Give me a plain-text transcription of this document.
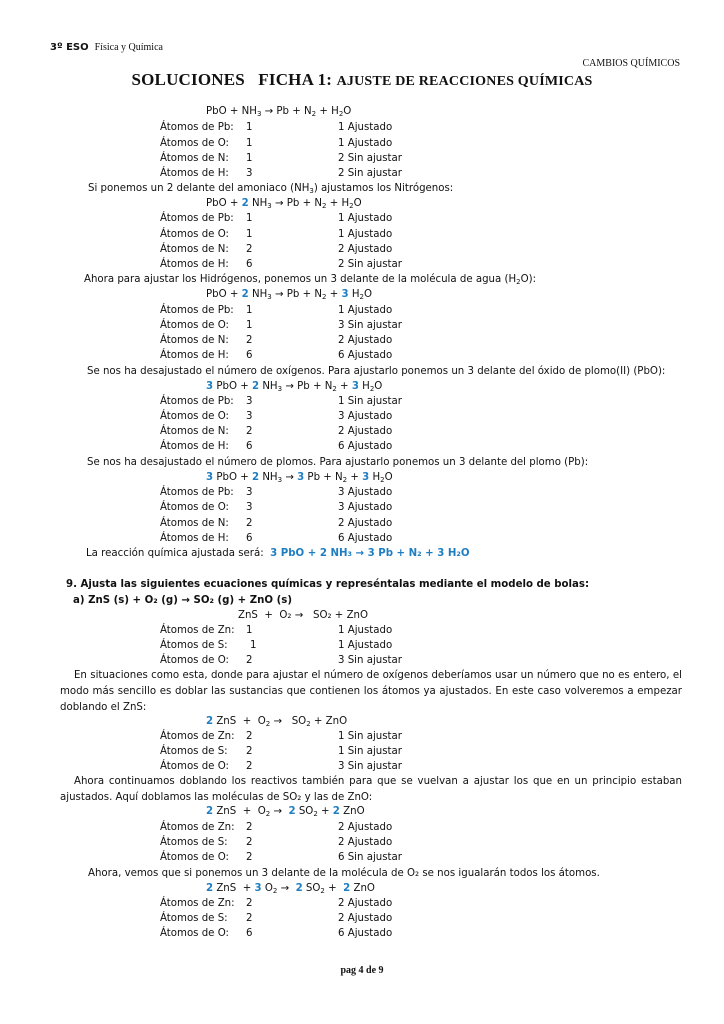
3º ESO Física y Química
CAMBIOS QUÍMICOS
SOLUCIONES   FICHA 1: AJUSTE DE REACCIONES QUÍMICAS
PbO + $NH_3 \to Pb + N_2 + H_2O$
Átomos de Pb: 1	1 Ajustado
Átomos de O: 1	1 Ajustado
Átomos de N: 1	2 Sin ajustar
Átomos de H: 3	2 Sin ajustar
Si ponemos un 2 delante del amoniaco $(NH_3)$ ajustamos los Nitrógenos:
PbO + 2 $NH_3 \to Pb + N_2 + H_2O$
Átomos de Pb: 1	1 Ajustado
Átomos de O: 1	1 Ajustado
Átomos de N: 2	2 Ajustado
Átomos de H: 6	2 Sin ajustar
Ahora para ajustar los Hidrógenos, ponemos un 3 delante de la molécula de agua $(H_2O)$:
PbO + 2 $NH_3 \to Pb + N_2 + 3$ $H_2O$
Átomos de Pb: 1	1 Ajustado
Átomos de O: 1	3 Sin ajustar
Átomos de N: 2	2 Ajustado
Átomos de H: 6	6 Ajustado
Se nos ha desajustado el número de oxígenos. Para ajustarlo ponemos un 3 delante del óxido de plomo(II) (PbO):
3 PbO + 2 $NH_3 \to Pb + N_2 + 3$ $H_2O$
Átomos de Pb: 3	1 Sin ajustar
Átomos de O: 3	3 Ajustado
Átomos de N: 2	2 Ajustado
Átomos de H: 6	6 Ajustado
Se nos ha desajustado el número de plomos. Para ajustarlo ponemos un 3 delante del plomo (Pb):
3 PbO + 2 $NH_3 \to 3$ $Pb + N_2 + 3$ $H_2O$
Átomos de Pb: 3	3 Ajustado
Átomos de O: 3	3 Ajustado
Átomos de N: 2	2 Ajustado
Átomos de H: 6	6 Ajustado
La reacción química ajustada será: 3 PbO + 2 NH₃ → 3 Pb + N₂ + 3 H₂O
9. Ajusta las siguientes ecuaciones químicas y represéntalas mediante el modelo de bolas:
a) ZnS (s) + O₂ (g) → SO₂ (g) + ZnO (s)
ZnS  +  O₂ →   SO₂ + ZnO
Átomos de Zn: 1	1 Ajustado
Átomos de S: 1	1 Ajustado
Átomos de O: 2	3 Sin ajustar
En situaciones como esta, donde para ajustar el número de oxígenos deberíamos usar un número que no es entero, el modo más sencillo es doblar las sustancias que contienen los átomos ya ajustados. En este caso volveremos a empezar doblando el ZnS:
2 ZnS  +  $O_2 \to SO_2$ + ZnO
Átomos de Zn: 2	1 Sin ajustar
Átomos de S: 2	1 Sin ajustar
Átomos de O: 2	3 Sin ajustar
Ahora continuamos doblando los reactivos también para que se vuelvan a ajustar los que en un principio estaban ajustados. Aquí doblamos las moléculas de SO₂ y las de ZnO:
2 ZnS  +  $O_2 \to 2$ $SO_2 + 2$ ZnO
Átomos de Zn: 2	2 Ajustado
Átomos de S: 2	2 Ajustado
Átomos de O: 2	6 Sin ajustar
Ahora, vemos que si ponemos un 3 delante de la molécula de O₂ se nos igualarán todos los átomos.
2 ZnS  + 3 $O_2 \to 2$ $SO_2 + 2$ ZnO
Átomos de Zn: 2	2 Ajustado
Átomos de S: 2	2 Ajustado
Átomos de O: 6	6 Ajustado
pag 4 de 9
